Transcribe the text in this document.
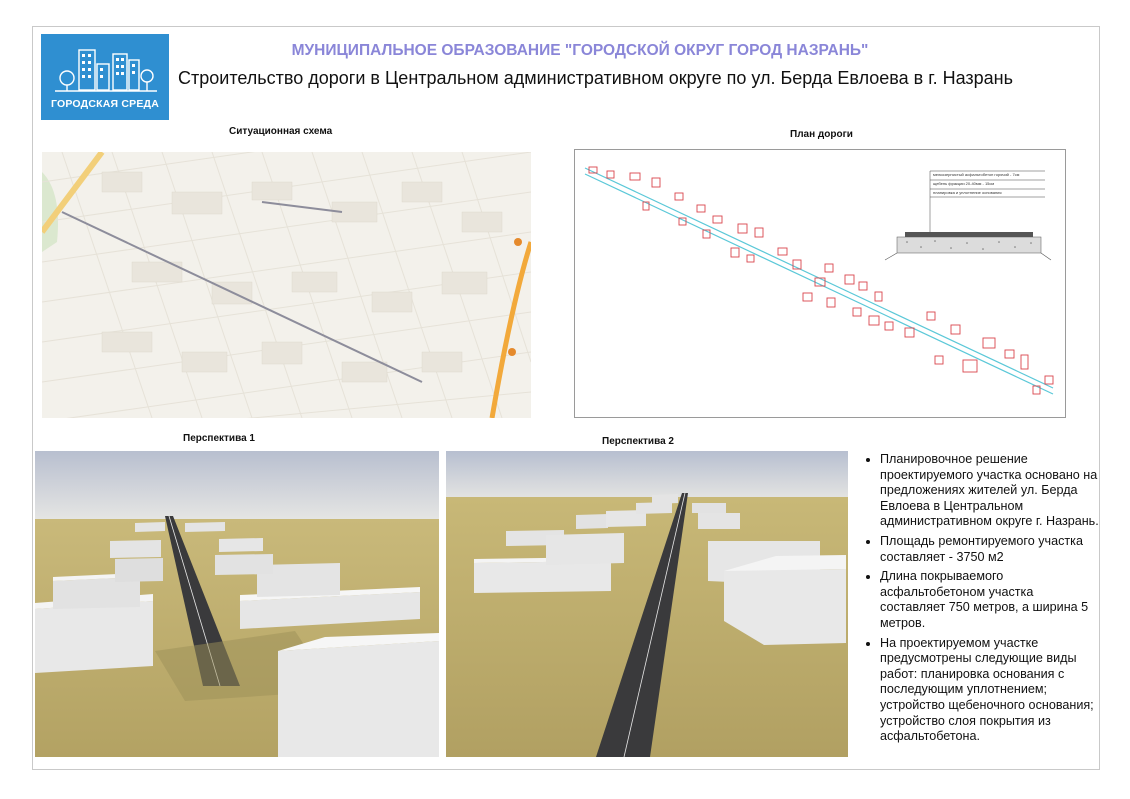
ГОРОДСКАЯ СРЕДА
МУНИЦИПАЛЬНОЕ ОБРАЗОВАНИЕ "ГОРОДСКОЙ ОКРУГ ГОРОД НАЗРАНЬ"
Строительство дороги в Центральном административном округе по ул. Берда Евлоева в г. Назрань
Ситуационная схема	План дороги
Перспектива 1	Перспектива 2
мелкозернистый асфальтобетон горячий - 7см
щебень фракции 20-40мм - 15см
планировка и уплотнение основания
• Планировочное решение проектируемого участка основано на предложениях жителей ул. Берда Евлоева в Центральном административном округе г. Назрань.
• Площадь ремонтируемого участка составляет - 3750 м2
• Длина покрываемого асфальтобетоном участка составляет 750 метров, а ширина 5 метров.
• На проектируемом участке предусмотрены следующие виды работ: планировка основания с последующим уплотнением; устройство щебеночного основания; устройство слоя покрытия из асфальтобетона.
